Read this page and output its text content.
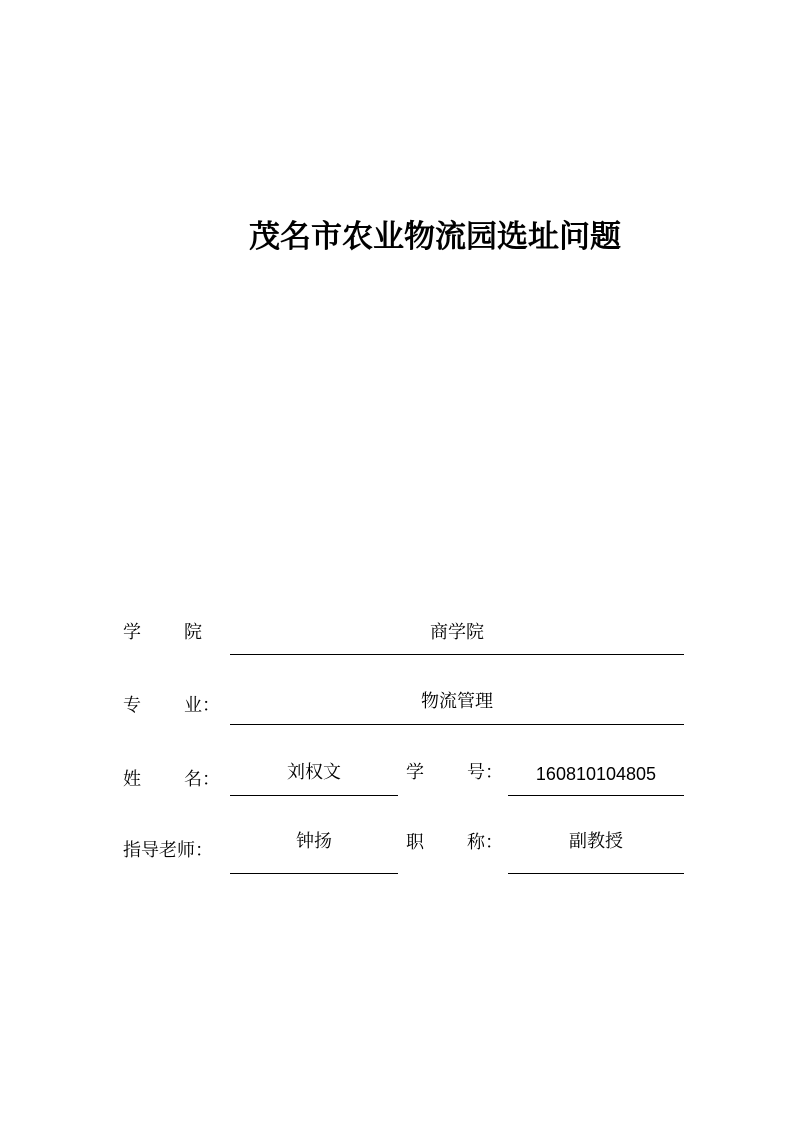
茂名市农业物流园选址问题
学 院	商学院
专 业：	物流管理
姓 名：	刘权文	学 号：	160810104805
指导老师：	钟扬	职 称：	副教授
